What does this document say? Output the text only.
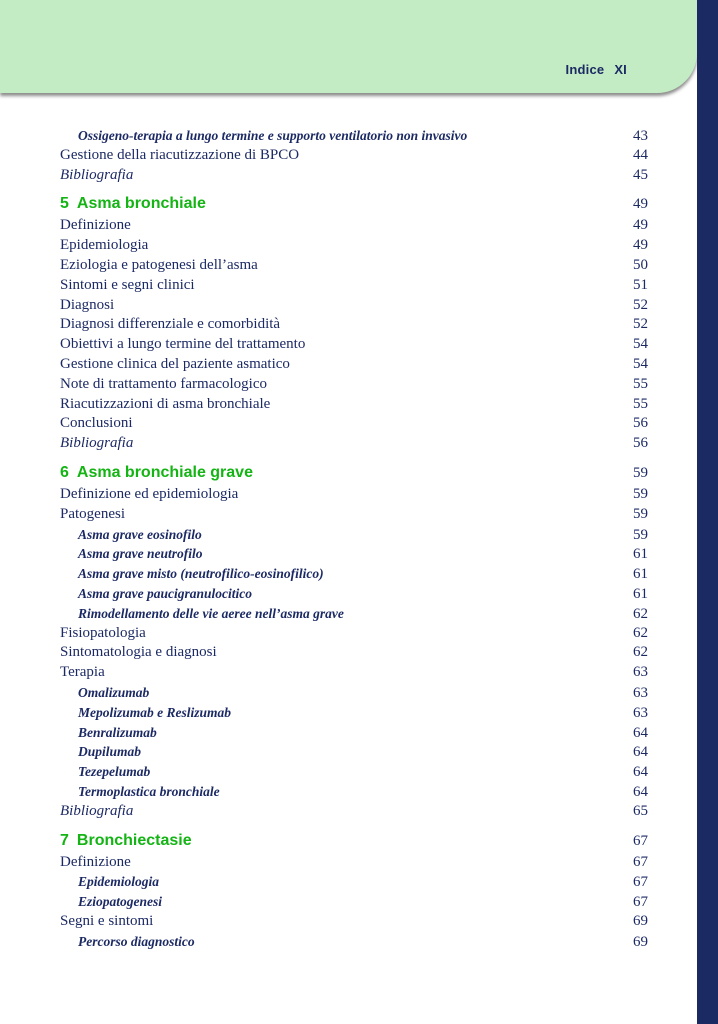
Indice XI
Ossigeno-terapia a lungo termine e supporto ventilatorio non invasivo	43
Gestione della riacutizzazione di BPCO	44
Bibliografia	45
5 Asma bronchiale	49
Definizione	49
Epidemiologia	49
Eziologia e patogenesi dell’asma	50
Sintomi e segni clinici	51
Diagnosi	52
Diagnosi differenziale e comorbidità	52
Obiettivi a lungo termine del trattamento	54
Gestione clinica del paziente asmatico	54
Note di trattamento farmacologico	55
Riacutizzazioni di asma bronchiale	55
Conclusioni	56
Bibliografia	56
6 Asma bronchiale grave	59
Definizione ed epidemiologia	59
Patogenesi	59
Asma grave eosinofilo	59
Asma grave neutrofilo	61
Asma grave misto (neutrofilico-eosinofilico)	61
Asma grave paucigranulocitico	61
Rimodellamento delle vie aeree nell’asma grave	62
Fisiopatologia	62
Sintomatologia e diagnosi	62
Terapia	63
Omalizumab	63
Mepolizumab e Reslizumab	63
Benralizumab	64
Dupilumab	64
Tezepelumab	64
Termoplastica bronchiale	64
Bibliografia	65
7 Bronchiectasie	67
Definizione	67
Epidemiologia	67
Eziopatogenesi	67
Segni e sintomi	69
Percorso diagnostico	69
